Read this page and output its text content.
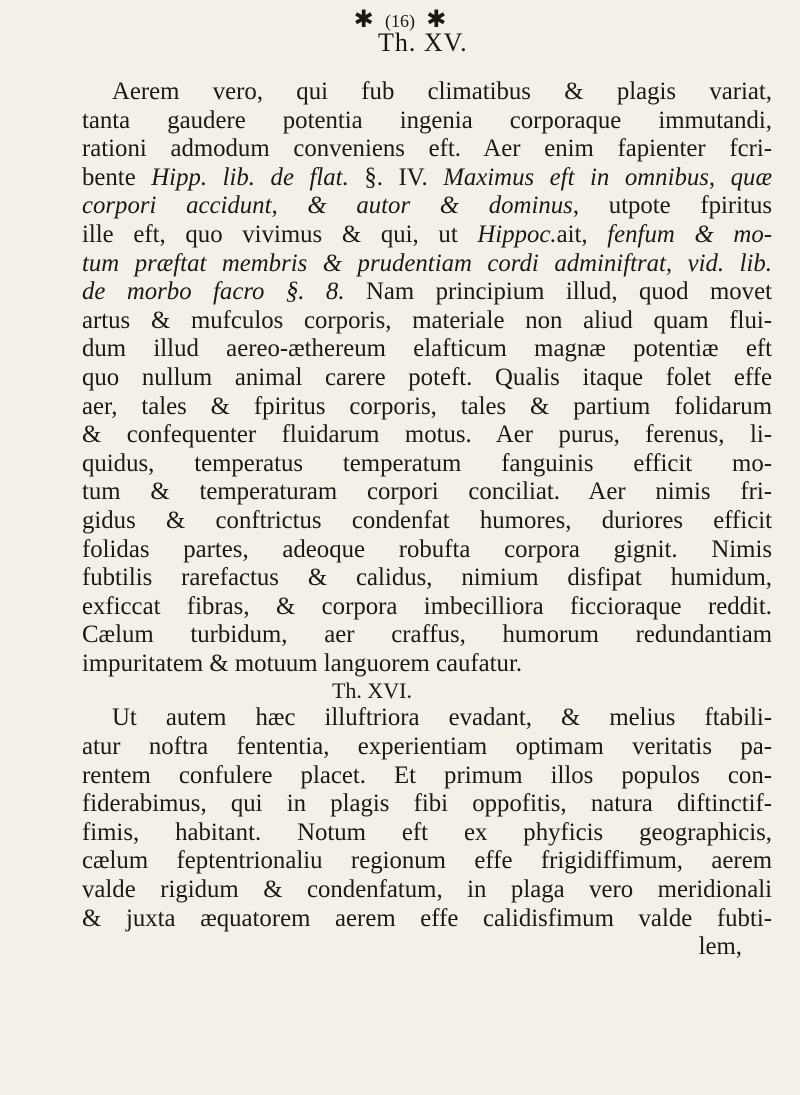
✱ (16) ✱
Th. XV.
Aerem vero, qui fub climatibus & plagis variat,
tanta gaudere potentia ingenia corporaque immutandi,
rationi admodum conveniens eft. Aer enim fapienter fcri-
bente Hipp. lib. de flat. §. IV. Maximus eft in omnibus, quæ
corpori accidunt, & autor & dominus, utpote fpiritus
ille eft, quo vivimus & qui, ut Hippoc.ait, fenfum & mo-
tum præftat membris & prudentiam cordi adminiftrat, vid. lib.
de morbo facro §. 8. Nam principium illud, quod movet
artus & mufculos corporis, materiale non aliud quam flui-
dum illud aereo-æthereum elafticum magnæ potentiæ eft
quo nullum animal carere poteft. Qualis itaque folet effe
aer, tales & fpiritus corporis, tales & partium folidarum
& confequenter fluidarum motus. Aer purus, ferenus, li-
quidus, temperatus temperatum fanguinis efficit mo-
tum & temperaturam corpori conciliat. Aer nimis fri-
gidus & conftrictus condenfat humores, duriores efficit
folidas partes, adeoque robufta corpora gignit. Nimis
fubtilis rarefactus & calidus, nimium disfipat humidum,
exficcat fibras, & corpora imbecilliora ficcioraque reddit.
Cælum turbidum, aer craffus, humorum redundantiam
impuritatem & motuum languorem caufatur.
Th. XVI.
Ut autem hæc illuftriora evadant, & melius ftabili-
atur noftra fententia, experientiam optimam veritatis pa-
rentem confulere placet. Et primum illos populos con-
fiderabimus, qui in plagis fibi oppofitis, natura diftinctif-
fimis, habitant. Notum eft ex phyficis geographicis,
cælum feptentrionaliu regionum effe frigidiffimum, aerem
valde rigidum & condenfatum, in plaga vero meridionali
& juxta æquatorem aerem effe calidisfimum valde fubti-
lem,
